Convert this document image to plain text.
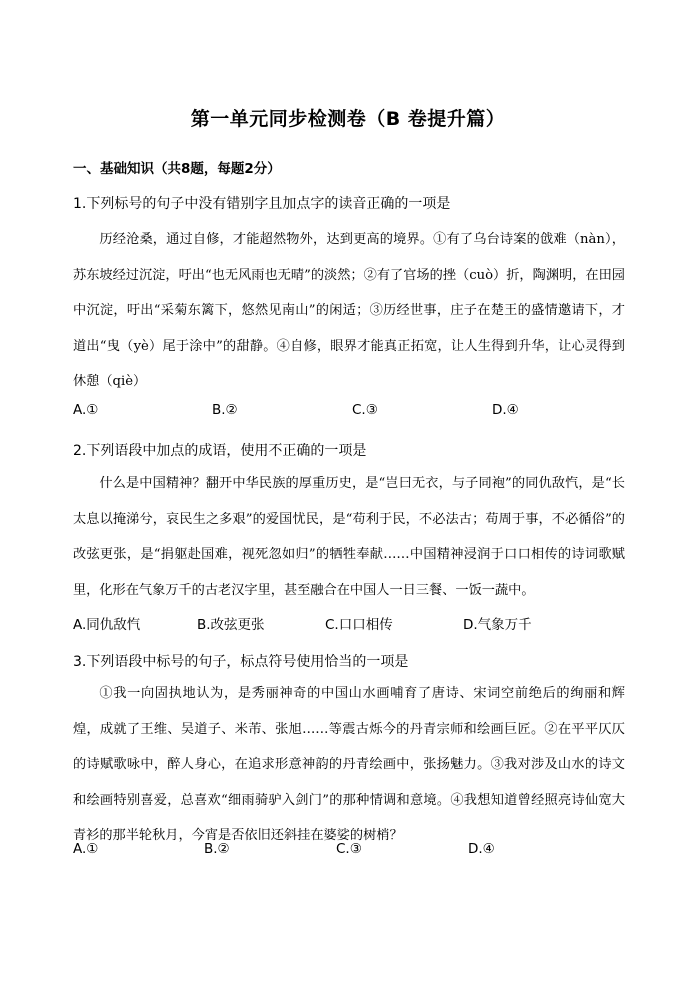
第一单元同步检测卷（B 卷提升篇）
一、基础知识（共8题，每题2分）
1.下列标号的句子中没有错别字且加点字的读音正确的一项是
历经沧桑，通过自修，才能超然物外，达到更高的境界。①有了乌台诗案的戗难（nàn），苏东坡经过沉淀，吁出“也无风雨也无晴”的淡然；②有了官场的挫（cuò）折，陶渊明，在田园中沉淀，吁出“采菊东篱下，悠然见南山”的闲适；③历经世事，庄子在楚王的盛情邀请下，才道出“曳（yè）尾于涂中”的甜静。④自修，眼界才能真正拓宽，让人生得到升华，让心灵得到休憩（qiè）
A.①	B.②	C.③	D.④
2.下列语段中加点的成语，使用不正确的一项是
什么是中国精神？翻开中华民族的厚重历史，是“岂曰无衣，与子同袍”的同仇敌忾，是“长太息以掩涕兮，哀民生之多艰”的爱国忧民，是“苟利于民，不必法古；苟周于事，不必循俗”的改弦更张，是“捐躯赴国难，视死忽如归”的牺牲奉献……中国精神浸润于口口相传的诗词歌赋里，化形在气象万千的古老汉字里，甚至融合在中国人一日三餐、一饭一蔬中。
A.同仇敌忾	B.改弦更张	C.口口相传	D.气象万千
3.下列语段中标号的句子，标点符号使用恰当的一项是
①我一向固执地认为，是秀丽神奇的中国山水画哺育了唐诗、宋词空前绝后的绚丽和辉煌，成就了王维、吴道子、米芾、张旭……等震古烁今的丹青宗师和绘画巨匠。②在平平仄仄的诗赋歌咏中，醉人身心，在追求形意神韵的丹青绘画中，张扬魅力。③我对涉及山水的诗文和绘画特别喜爱，总喜欢“细雨骑驴入剑门”的那种情调和意境。④我想知道曾经照亮诗仙宽大青衫的那半轮秋月，今宵是否依旧还斜挂在婆娑的树梢？
A.①	B.②	C.③	D.④
